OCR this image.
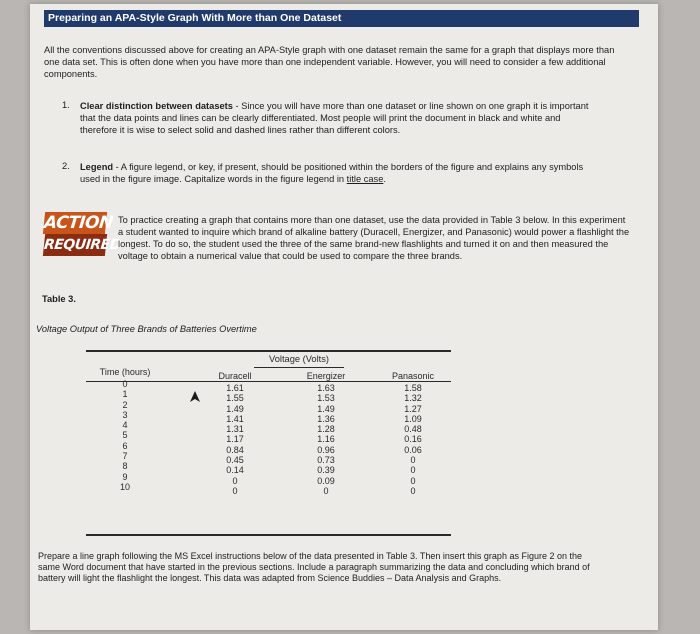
Preparing an APA-Style Graph With More than One Dataset
All the conventions discussed above for creating an APA-Style graph with one dataset remain the same for a graph that displays more than one data set. This is often done when you have more than one independent variable. However, you will need to consider a few additional components.
1. Clear distinction between datasets - Since you will have more than one dataset or line shown on one graph it is important that the data points and lines can be clearly differentiated. Most people will print the document in black and white and therefore it is wise to select solid and dashed lines rather than different colors.
2. Legend - A figure legend, or key, if present, should be positioned within the borders of the figure and explains any symbols used in the figure image. Capitalize words in the figure legend in title case.
ACTION
REQUIRED
To practice creating a graph that contains more than one dataset, use the data provided in Table 3 below. In this experiment a student wanted to inquire which brand of alkaline battery (Duracell, Energizer, and Panasonic) would power a flashlight the longest. To do so, the student used the three of the same brand-new flashlights and turned it on and then measured the voltage to obtain a numerical value that could be used to compare the three brands.
Table 3.
Voltage Output of Three Brands of Batteries Overtime
Voltage (Volts)
Time (hours)
0
1
2
3
4
5
6
7
8
9
10
Duracell
1.61
1.55
1.49
1.41
1.31
1.17
0.84
0.45
0.14
0
0
Energizer
1.63
1.53
1.49
1.36
1.28
1.16
0.96
0.73
0.39
0.09
0
Panasonic
1.58
1.32
1.27
1.09
0.48
0.16
0.06
0
0
0
0
Prepare a line graph following the MS Excel instructions below of the data presented in Table 3. Then insert this graph as Figure 2 on the same Word document that have started in the previous sections. Include a paragraph summarizing the data and concluding which brand of battery will light the flashlight the longest. This data was adapted from Science Buddies – Data Analysis and Graphs.
